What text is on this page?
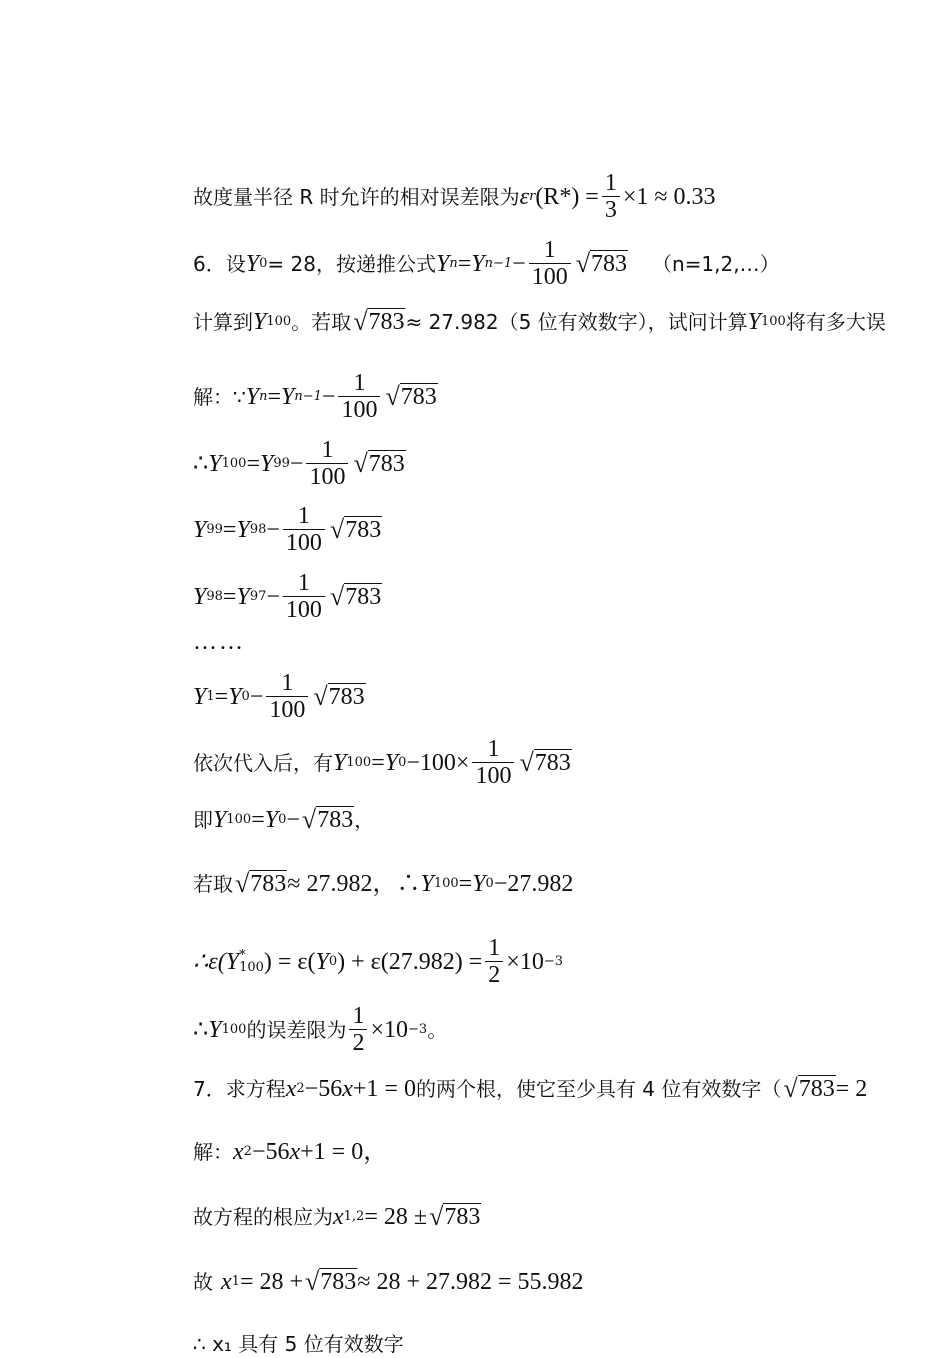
故度量半径 R 时允许的相对误差限为 ε r $(R*) = \frac{1}{3} \times 1 \approx 0.33$
6．设 Y 0 = 28，按递推公式 Y n = Y $n-1 - \frac{1}{100}$ √ 783 （n=1,2,…）
计算到 Y 100 。若取 √ 783 ≈ 27.982（5 位有效数字），试问计算 Y 100 将有多大误
解：∵ Y n = Y $n-1 - \frac{1}{100}$ √ 783
∴ Y 100 = Y $99 - \frac{1}{100}$ √ 783
Y 99 = Y $98 - \frac{1}{100}$ √ 783
Y 98 = Y $97 - \frac{1}{100}$ √ 783
……
Y 1 = Y $0 - \frac{1}{100}$ √ 783
依次代入后，有 Y 100 = Y $0 -100\times \frac{1}{100}$ √ 783
即 Y 100 = Y 0 − √ 783 ，
若取 √ 783 ≈ 27.982，∴ Y 100 = Y 0 −27.982
∴ε( Y *
100 ) = ε( Y 0 ) + $\varepsilon(27.982) = \frac{1}{2} \times 10 -3$
∴ Y 100 的误差限为 $\frac{1}{2} \times 10 -3$ 。
7．求方程 x 2 −56 x +1 = 0 的两个根，使它至少具有 4 位有效数字（ √ 783 = 2
解： x 2 −56 x +1 = 0，
故方程的根应为 x 1,2 = 28 ± √ 783
故 x 1 = 28 + √ 783 ≈ 28 + 27.982 = 55.982
∴ x₁ 具有 5 位有效数字
